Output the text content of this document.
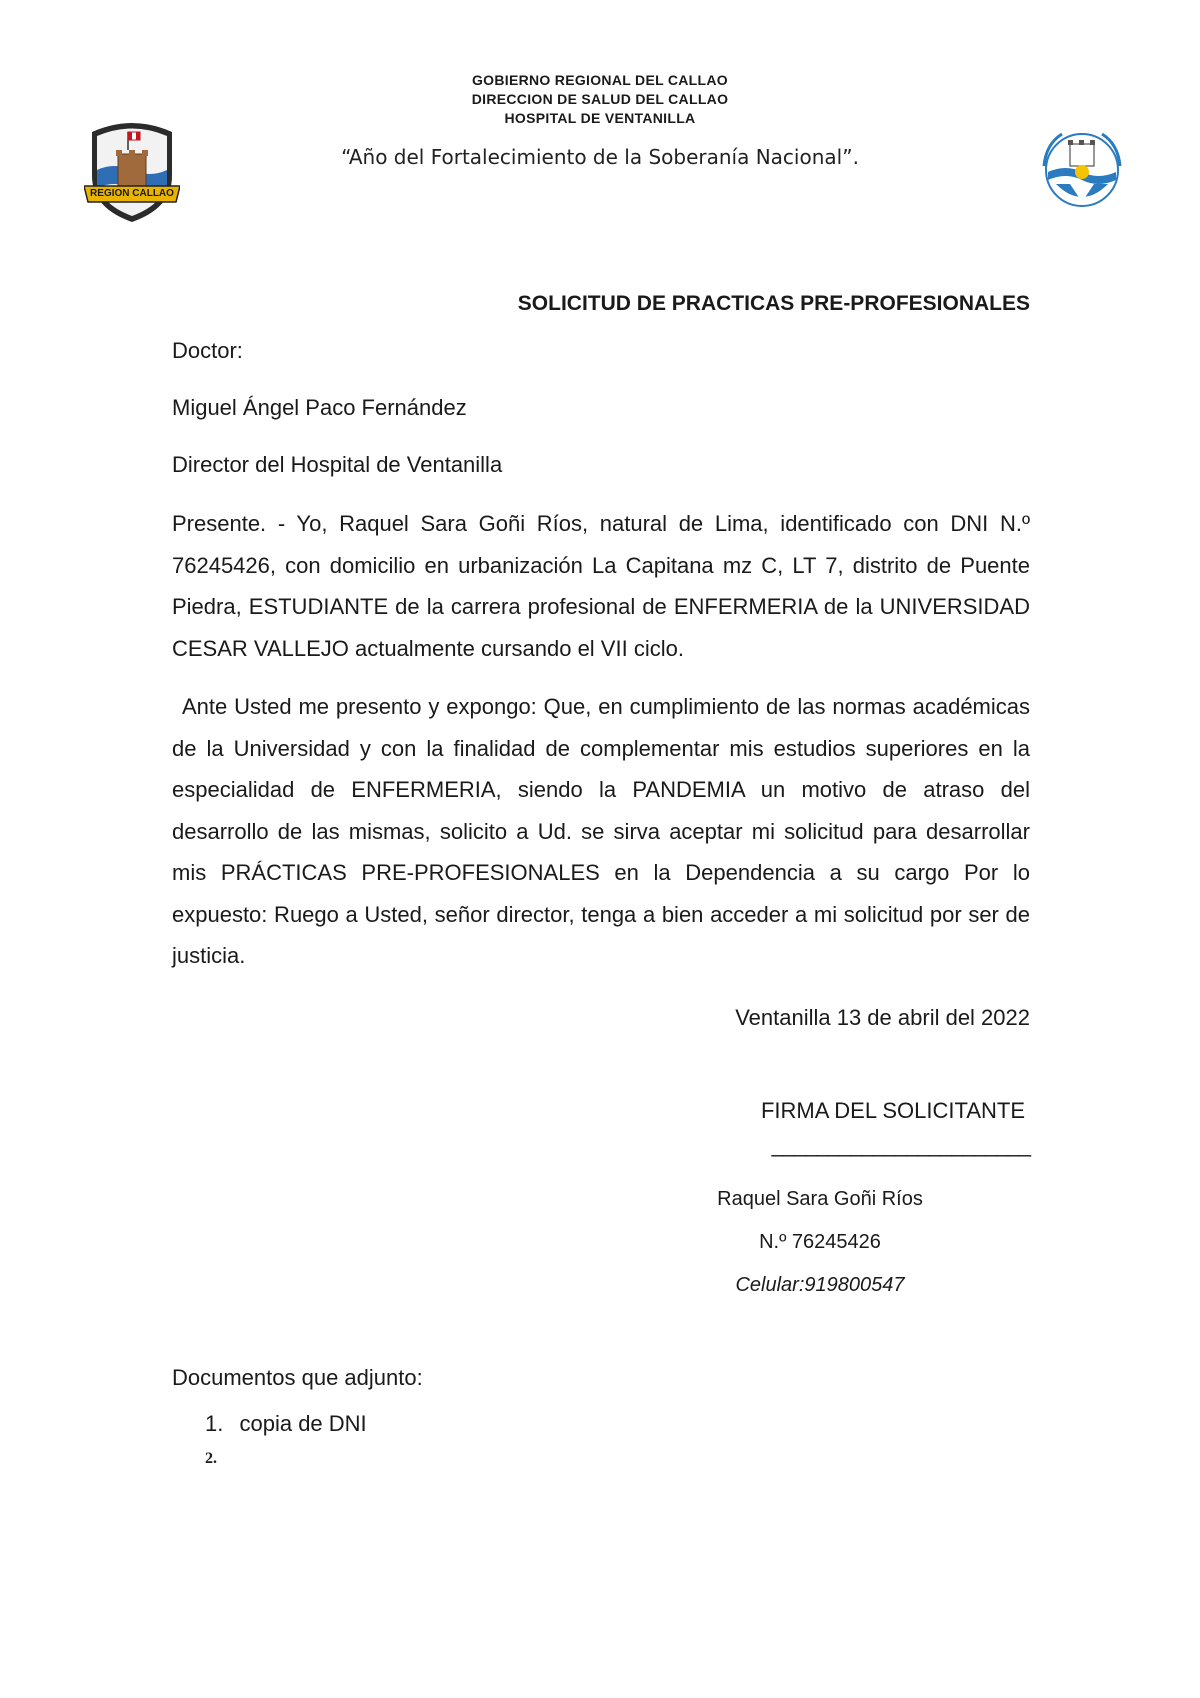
REGION CALLAO
GOBIERNO REGIONAL DEL CALLAO
DIRECCION DE SALUD DEL CALLAO
HOSPITAL DE VENTANILLA
“Año del Fortalecimiento de la Soberanía Nacional”.
SOLICITUD DE PRACTICAS PRE-PROFESIONALES
Doctor:
Miguel Ángel Paco Fernández
Director del Hospital de Ventanilla
Presente. - Yo, Raquel Sara Goñi Ríos, natural de Lima, identificado con DNI N.º 76245426, con domicilio en urbanización La Capitana mz C, LT 7, distrito de Puente Piedra, ESTUDIANTE de la carrera profesional de ENFERMERIA de la UNIVERSIDAD CESAR VALLEJO actualmente cursando el VII ciclo.
Ante Usted me presento y expongo: Que, en cumplimiento de las normas académicas de la Universidad y con la finalidad de complementar mis estudios superiores en la especialidad de ENFERMERIA, siendo la PANDEMIA un motivo de atraso del desarrollo de las mismas, solicito a Ud. se sirva aceptar mi solicitud para desarrollar mis PRÁCTICAS PRE-PROFESIONALES en la Dependencia a su cargo Por lo expuesto: Ruego a Usted, señor director, tenga a bien acceder a mi solicitud por ser de justicia.
Ventanilla 13 de abril del 2022
FIRMA DEL SOLICITANTE
_______________________
Raquel Sara Goñi Ríos
N.º 76245426
Celular:919800547
Documentos que adjunto:
1. copia de DNI
2.
